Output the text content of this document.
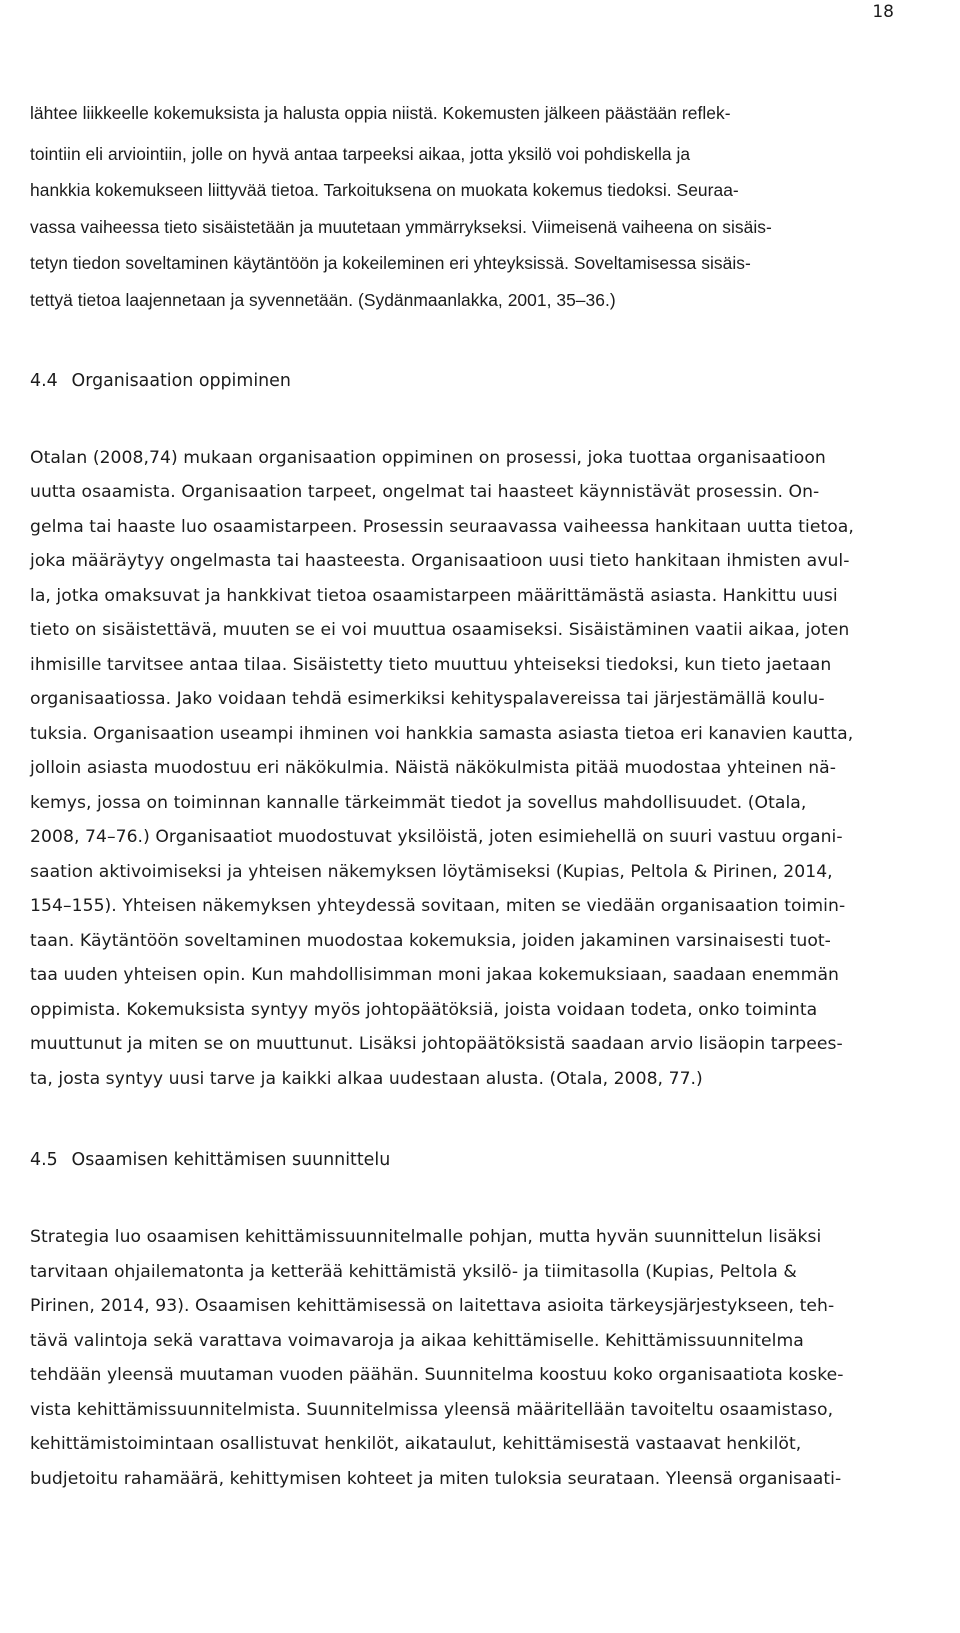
18
lähtee liikkeelle kokemuksista ja halusta oppia niistä. Kokemusten jälkeen päästään reflek-
tointiin eli arviointiin, jolle on hyvä antaa tarpeeksi aikaa, jotta yksilö voi pohdiskella ja
hankkia kokemukseen liittyvää tietoa. Tarkoituksena on muokata kokemus tiedoksi. Seuraa-
vassa vaiheessa tieto sisäistetään ja muutetaan ymmärrykseksi. Viimeisenä vaiheena on sisäis-
tetyn tiedon soveltaminen käytäntöön ja kokeileminen eri yhteyksissä. Soveltamisessa sisäis-
tettyä tietoa laajennetaan ja syvennetään. (Sydänmaanlakka, 2001, 35–36.)
4.4 Organisaation oppiminen
Otalan (2008,74) mukaan organisaation oppiminen on prosessi, joka tuottaa organisaatioon
uutta osaamista. Organisaation tarpeet, ongelmat tai haasteet käynnistävät prosessin. On-
gelma tai haaste luo osaamistarpeen. Prosessin seuraavassa vaiheessa hankitaan uutta tietoa,
joka määräytyy ongelmasta tai haasteesta. Organisaatioon uusi tieto hankitaan ihmisten avul-
la, jotka omaksuvat ja hankkivat tietoa osaamistarpeen määrittämästä asiasta. Hankittu uusi
tieto on sisäistettävä, muuten se ei voi muuttua osaamiseksi. Sisäistäminen vaatii aikaa, joten
ihmisille tarvitsee antaa tilaa. Sisäistetty tieto muuttuu yhteiseksi tiedoksi, kun tieto jaetaan
organisaatiossa. Jako voidaan tehdä esimerkiksi kehityspalavereissa tai järjestämällä koulu-
tuksia. Organisaation useampi ihminen voi hankkia samasta asiasta tietoa eri kanavien kautta,
jolloin asiasta muodostuu eri näkökulmia. Näistä näkökulmista pitää muodostaa yhteinen nä-
kemys, jossa on toiminnan kannalle tärkeimmät tiedot ja sovellus mahdollisuudet. (Otala,
2008, 74–76.) Organisaatiot muodostuvat yksilöistä, joten esimiehellä on suuri vastuu organi-
saation aktivoimiseksi ja yhteisen näkemyksen löytämiseksi (Kupias, Peltola & Pirinen, 2014,
154–155). Yhteisen näkemyksen yhteydessä sovitaan, miten se viedään organisaation toimin-
taan. Käytäntöön soveltaminen muodostaa kokemuksia, joiden jakaminen varsinaisesti tuot-
taa uuden yhteisen opin. Kun mahdollisimman moni jakaa kokemuksiaan, saadaan enemmän
oppimista. Kokemuksista syntyy myös johtopäätöksiä, joista voidaan todeta, onko toiminta
muuttunut ja miten se on muuttunut. Lisäksi johtopäätöksistä saadaan arvio lisäopin tarpees-
ta, josta syntyy uusi tarve ja kaikki alkaa uudestaan alusta. (Otala, 2008, 77.)
4.5 Osaamisen kehittämisen suunnittelu
Strategia luo osaamisen kehittämissuunnitelmalle pohjan, mutta hyvän suunnittelun lisäksi
tarvitaan ohjailematonta ja ketterää kehittämistä yksilö- ja tiimitasolla (Kupias, Peltola &
Pirinen, 2014, 93). Osaamisen kehittämisessä on laitettava asioita tärkeysjärjestykseen, teh-
tävä valintoja sekä varattava voimavaroja ja aikaa kehittämiselle. Kehittämissuunnitelma
tehdään yleensä muutaman vuoden päähän. Suunnitelma koostuu koko organisaatiota koske-
vista kehittämissuunnitelmista. Suunnitelmissa yleensä määritellään tavoiteltu osaamistaso,
kehittämistoimintaan osallistuvat henkilöt, aikataulut, kehittämisestä vastaavat henkilöt,
budjetoitu rahamäärä, kehittymisen kohteet ja miten tuloksia seurataan. Yleensä organisaati-
